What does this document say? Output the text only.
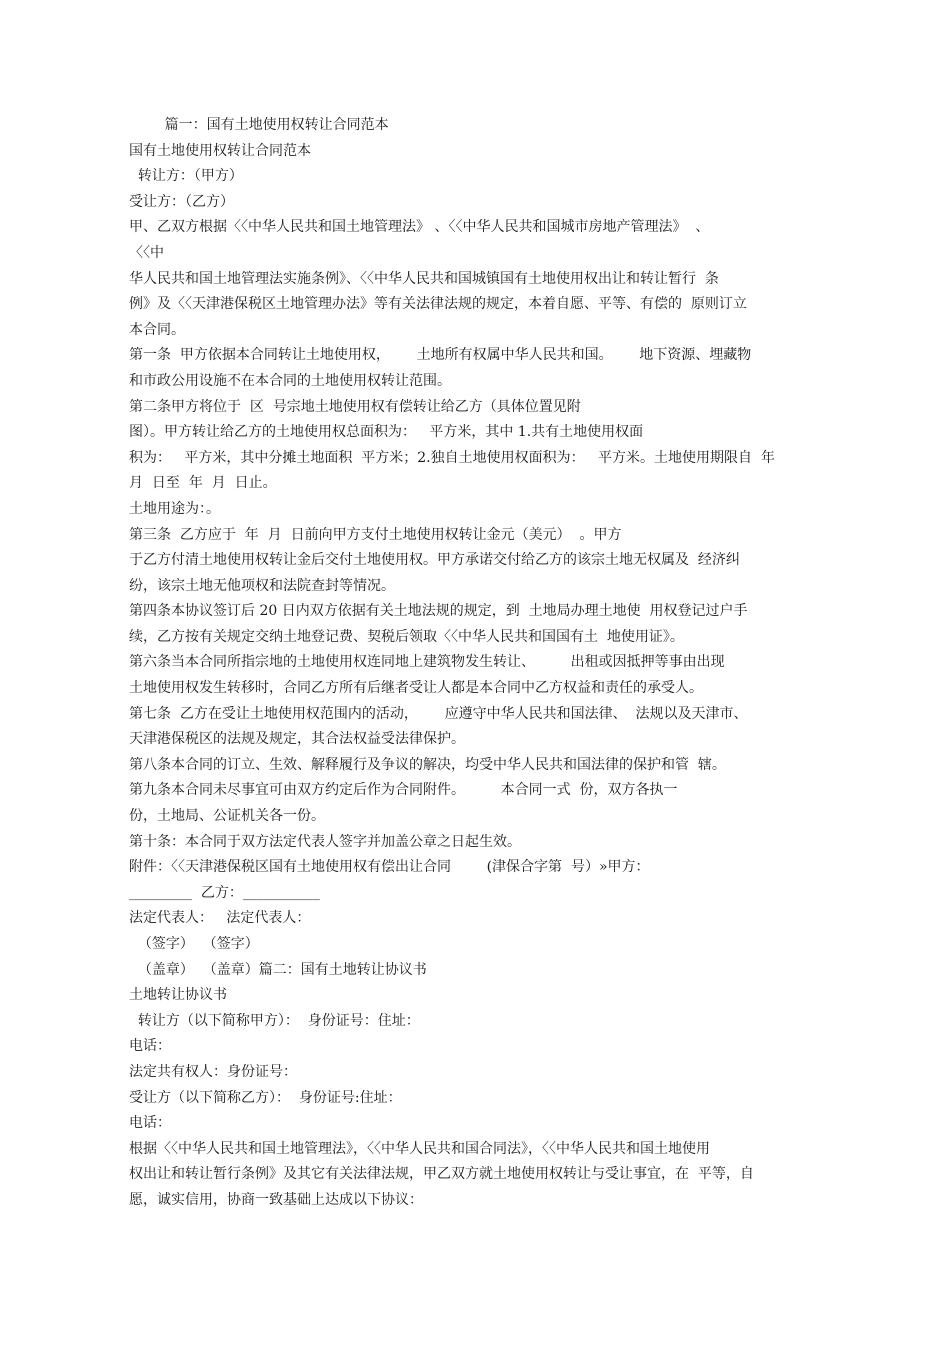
篇一：国有土地使用权转让合同范本
国有土地使用权转让合同范本
转让方：（甲方）
受让方：（乙方）
甲、乙双方根据〈〈中华人民共和国土地管理法》 、〈〈中华人民共和国城市房地产管理法》  、
〈〈中
华人民共和国土地管理法实施条例》、〈〈中华人民共和国城镇国有土地使用权出让和转让暂行  条
例》及〈〈天津港保税区土地管理办法》等有关法律法规的规定，本着自愿、平等、有偿的  原则订立
本合同。
第一条  甲方依据本合同转让土地使用权，      土地所有权属中华人民共和国。      地下资源、埋藏物
和市政公用设施不在本合同的土地使用权转让范围。
第二条甲方将位于  区  号宗地土地使用权有偿转让给乙方（具体位置见附
图）。甲方转让给乙方的土地使用权总面积为：   平方米，其中 1.共有土地使用权面
积为：   平方米，其中分摊土地面积  平方米；2.独自土地使用权面积为：   平方米。土地使用期限自  年
月  日至  年  月  日止。
土地用途为：。
第三条  乙方应于  年  月  日前向甲方支付土地使用权转让金元（美元）  。甲方
于乙方付清土地使用权转让金后交付土地使用权。甲方承诺交付给乙方的该宗土地无权属及  经济纠
纷，该宗土地无他项权和法院查封等情况。
第四条本协议签订后 20 日内双方依据有关土地法规的规定，到  土地局办理土地使  用权登记过户手
续，乙方按有关规定交纳土地登记费、契税后领取〈〈中华人民共和国国有土  地使用证》。
第六条当本合同所指宗地的土地使用权连同地上建筑物发生转让、        出租或因抵押等事由出现
土地使用权发生转移时，合同乙方所有后继者受让人都是本合同中乙方权益和责任的承受人。
第七条  乙方在受让土地使用权范围内的活动，      应遵守中华人民共和国法律、  法规以及天津市、
天津港保税区的法规及规定，其合法权益受法律保护。
第八条本合同的订立、生效、解释履行及争议的解决，均受中华人民共和国法律的保护和管  辖。
第九条本合同未尽事宜可由双方约定后作为合同附件。        本合同一式  份，双方各执一
份，土地局、公证机关各一份。
第十条：本合同于双方法定代表人签字并加盖公章之日起生效。
附件：〈〈天津港保税区国有土地使用权有偿出让合同        (津保合字第  号）»甲方：
_________  乙方：___________
法定代表人：   法定代表人：
（签字）  （签字）
（盖章）  （盖章）篇二：国有土地转让协议书
土地转让协议书
转让方（以下简称甲方）：  身份证号：住址：
电话：
法定共有权人：身份证号：
受让方（以下简称乙方）：  身份证号:住址：
电话：
根据〈〈中华人民共和国土地管理法》，〈〈中华人民共和国合同法》，〈〈中华人民共和国土地使用
权出让和转让暂行条例》及其它有关法律法规，甲乙双方就土地使用权转让与受让事宜，在  平等，自
愿，诚实信用，协商一致基础上达成以下协议：
